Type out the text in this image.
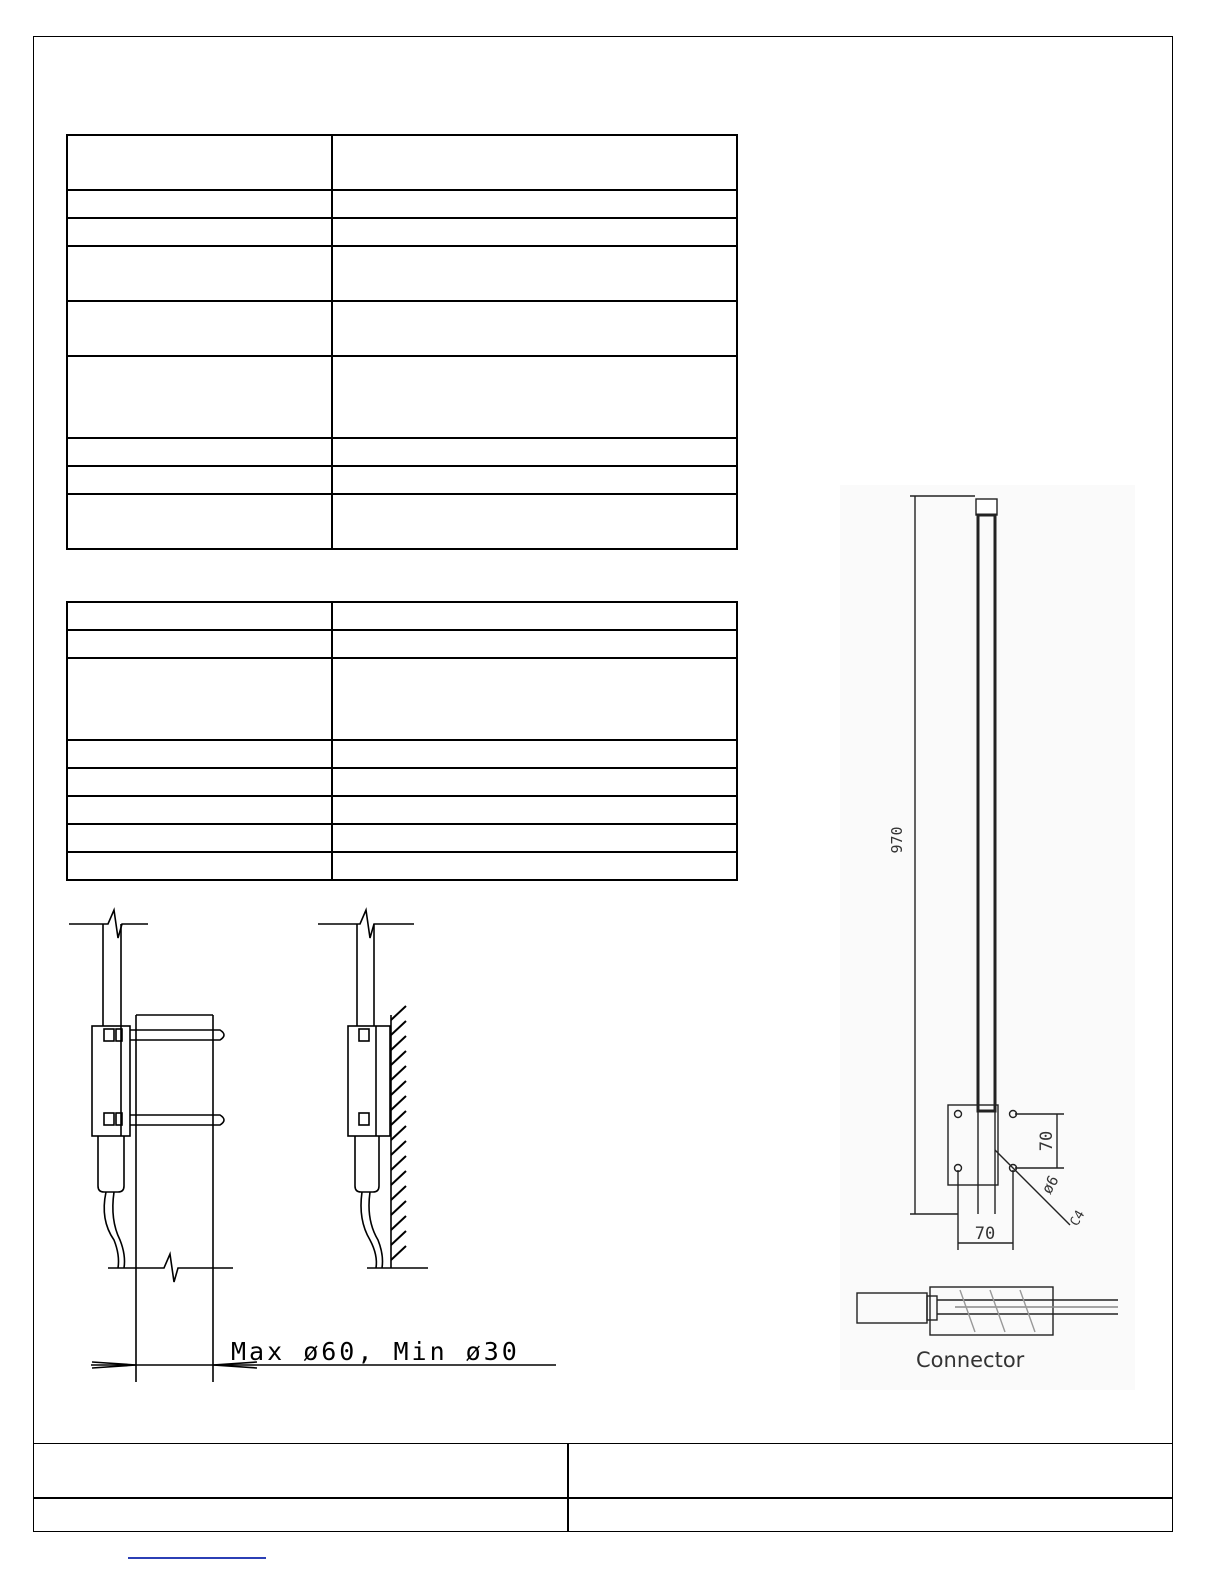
Max ø60, Min ø30
970
70
70
ø6
C4
Connector
